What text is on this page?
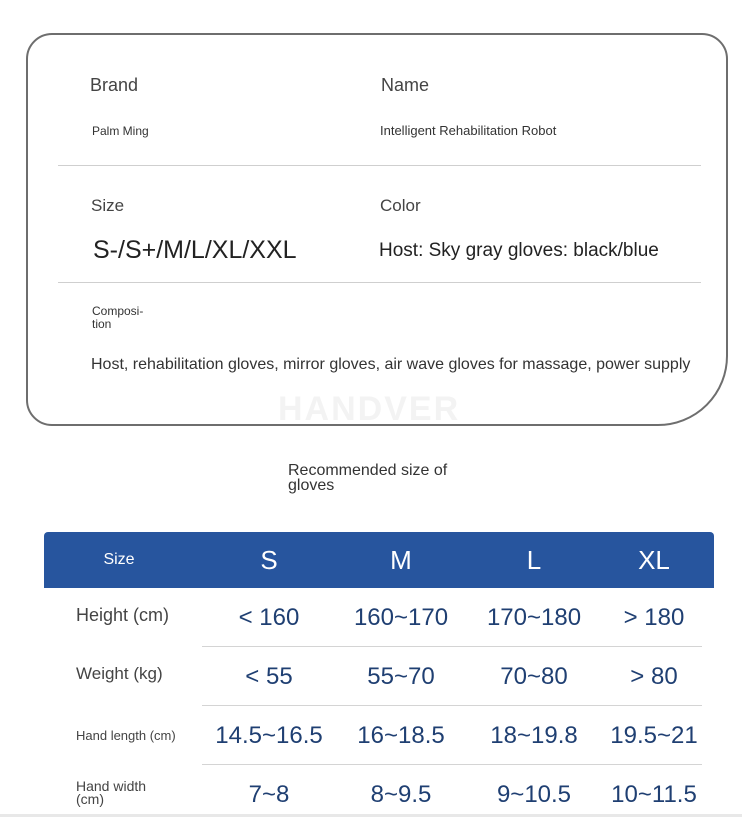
HANDVER
Brand
Palm Ming
Name
Intelligent Rehabilitation Robot
Size
S-/S+/M/L/XL/XXL
Color
Host: Sky gray gloves: black/blue
Composi-
tion
Host, rehabilitation gloves, mirror gloves, air wave gloves for massage, power supply
Recommended size of gloves
Size	S	M	L	XL
Height (cm)	< 160	160~170	170~180	> 180
Weight (kg)	< 55	55~70	70~80	> 80
Hand length (cm)	14.5~16.5	16~18.5	18~19.8	19.5~21
Hand width (cm)	7~8	8~9.5	9~10.5	10~11.5
